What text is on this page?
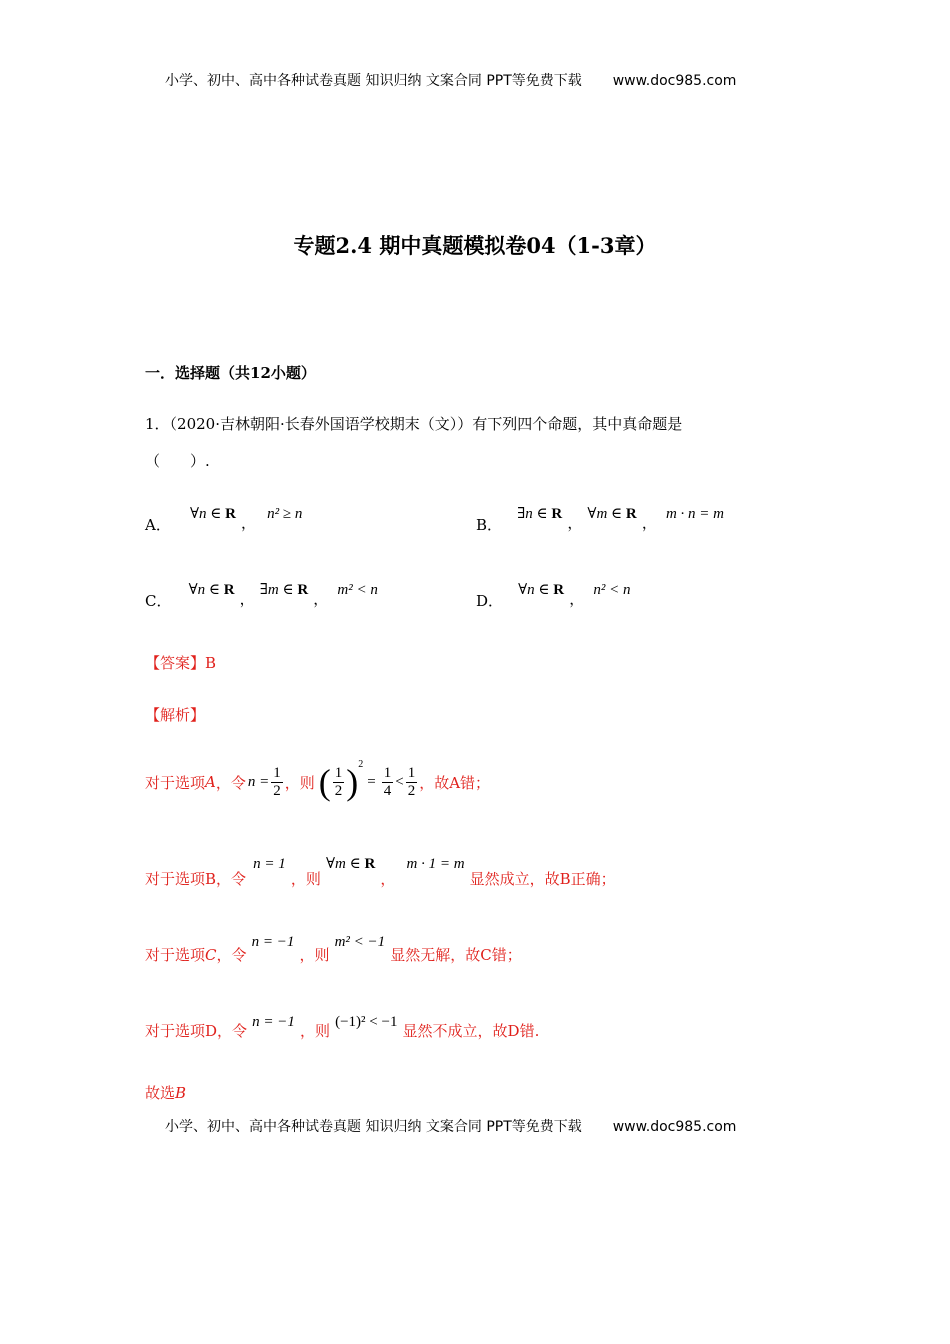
小学、初中、高中各种试卷真题 知识归纳 文案合同 PPT等免费下载 www.doc985.com
专题2.4 期中真题模拟卷04（1-3章）
一．选择题（共12小题）
1．（2020·吉林朝阳·长春外国语学校期末（文））有下列四个命题，其中真命题是
（　　）.
A． ∀n ∈ R ， n² ≥ n
B． ∃n ∈ R ， ∀m ∈ R ， m · n = m
C． ∀n ∈ R ， ∃m ∈ R ， m² < n
D． ∀n ∈ R ， n² < n
【答案】B
【解析】
对于选项 A ，令 $n = \frac{1}{2}$ ，则 ( $\frac{1}{2}$ ) 2
= $\frac{1}{4} < \frac{1}{2}$ ，故A错；
对于选项B，令 n = 1 ，则 ∀m ∈ R ， m · 1 = m 显然成立，故B正确；
对于选项C，令 n = −1 ，则 m² < −1 显然无解，故C错；
对于选项D，令 n = −1 ，则 (−1)² < −1 显然不成立，故D错.
故选B
小学、初中、高中各种试卷真题 知识归纳 文案合同 PPT等免费下载 www.doc985.com
